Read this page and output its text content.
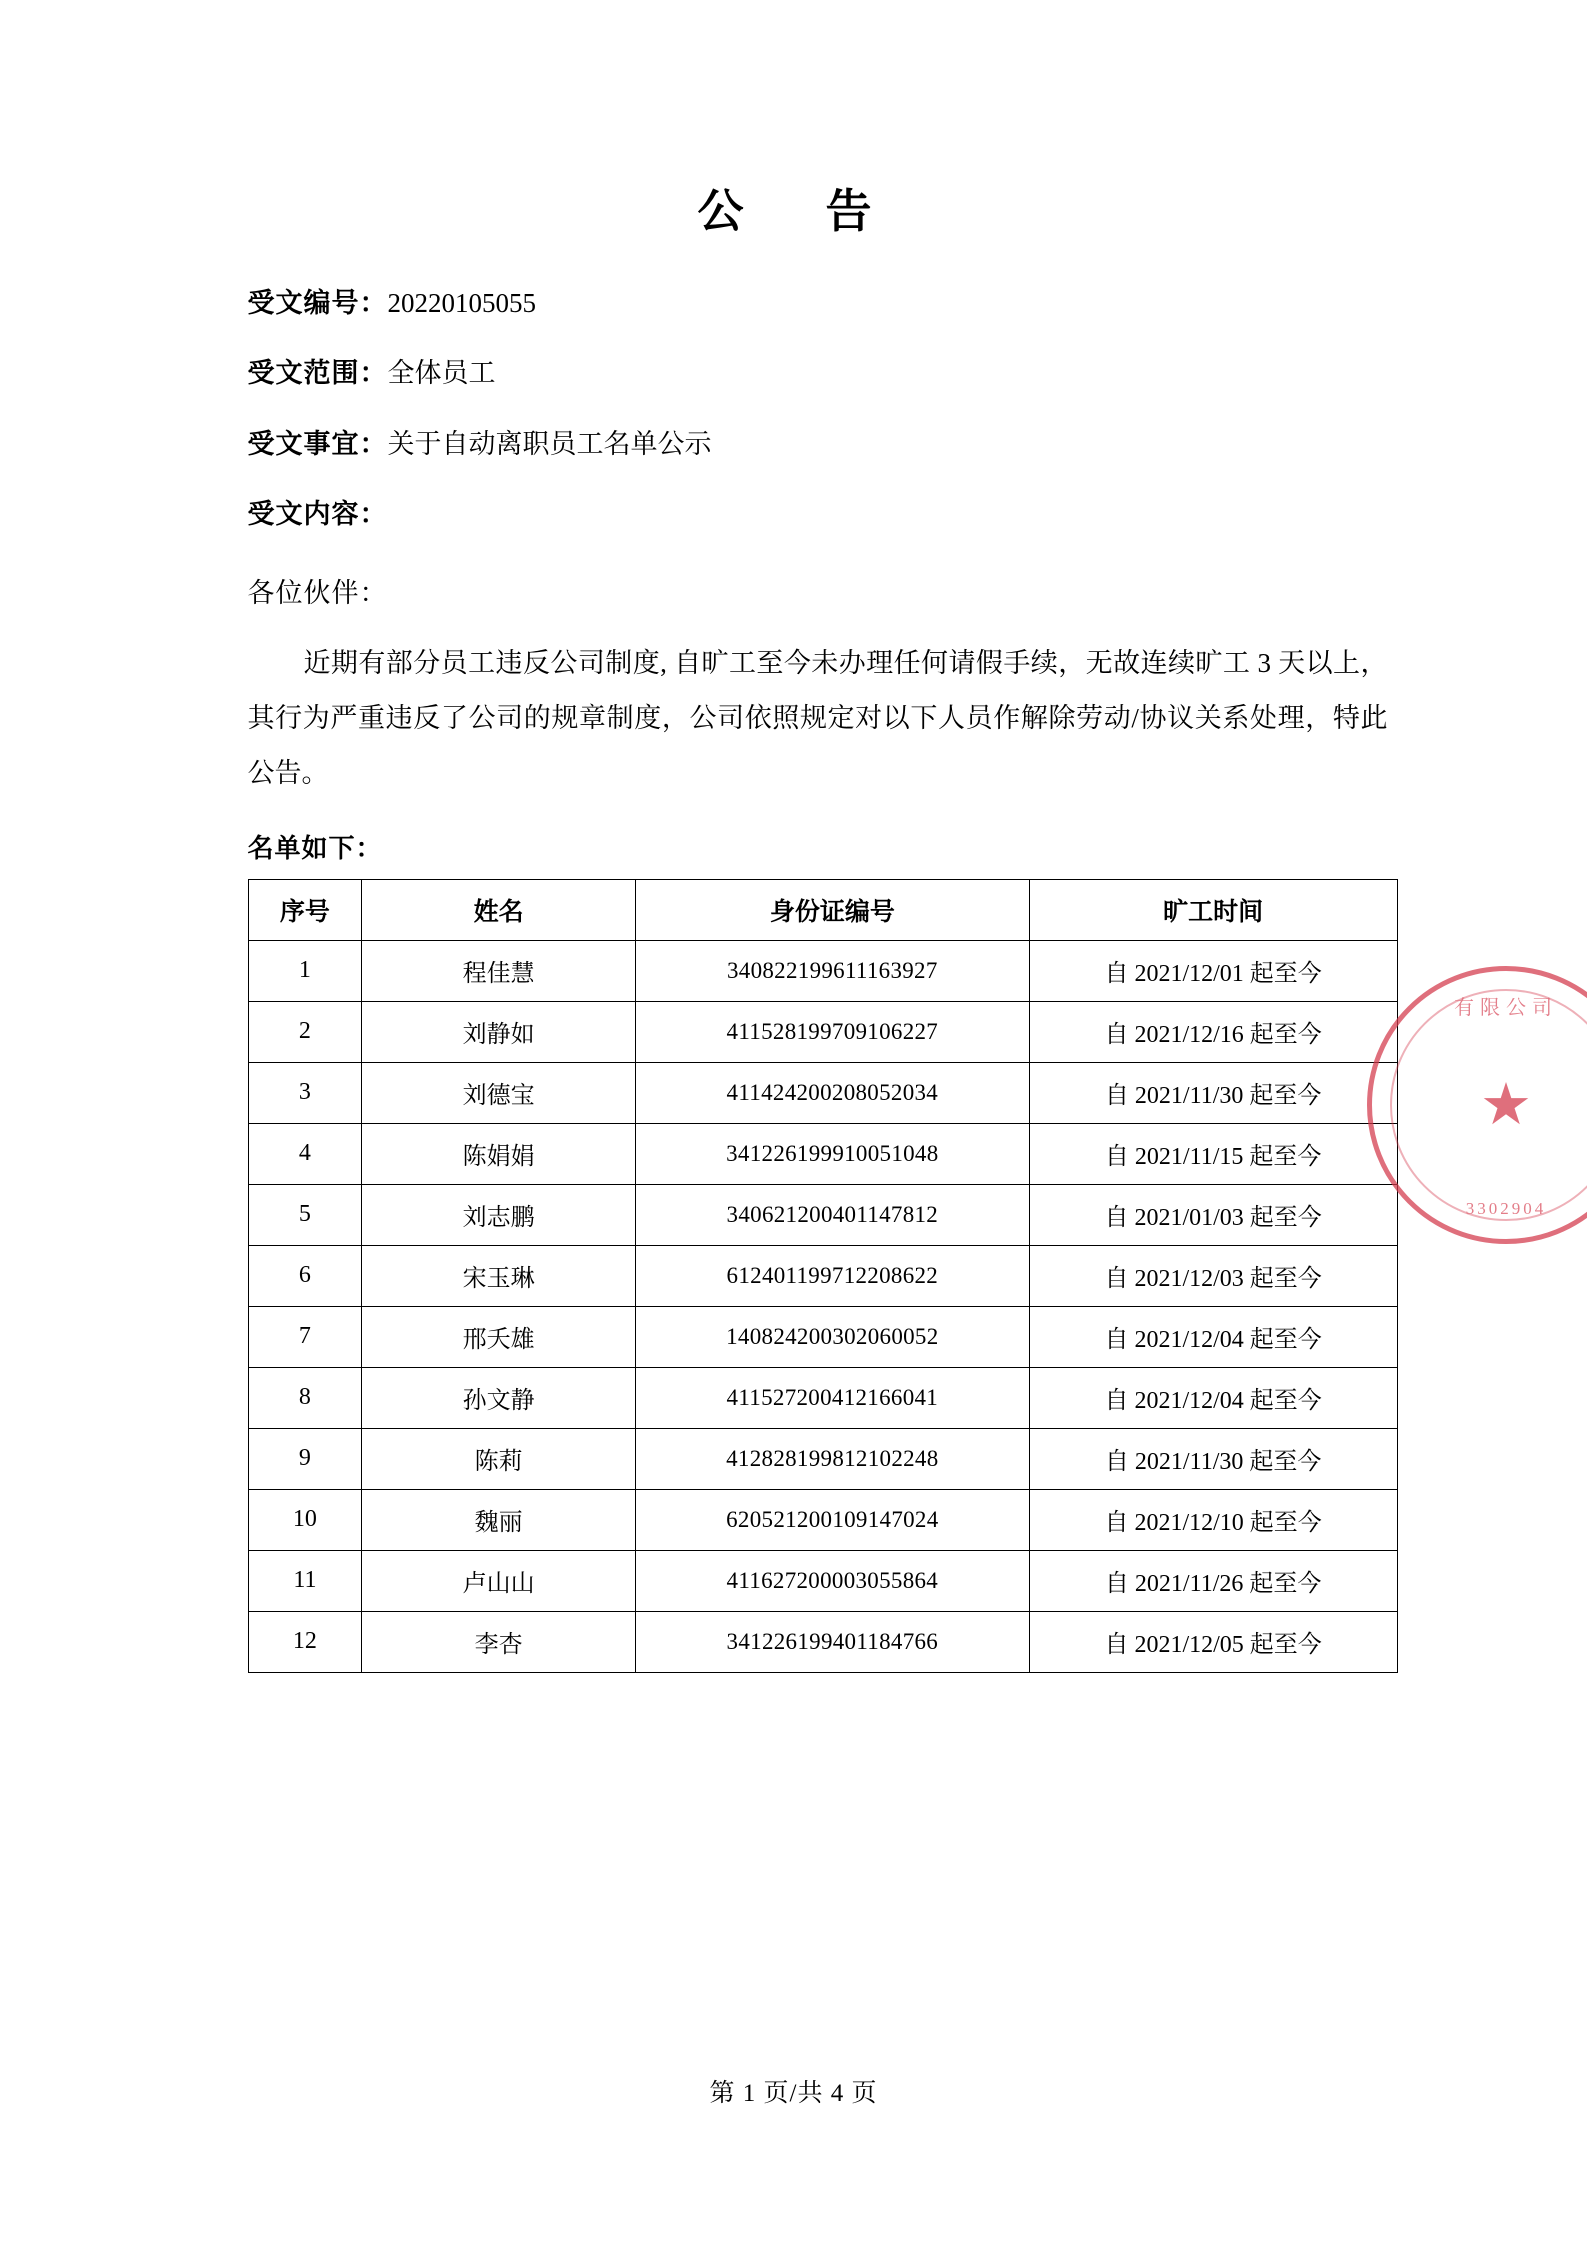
公　告
受文编号：20220105055
受文范围：全体员工
受文事宜：关于自动离职员工名单公示
受文内容：
各位伙伴：
近期有部分员工违反公司制度, 自旷工至今未办理任何请假手续，无故连续旷工 3 天以上，其行为严重违反了公司的规章制度，公司依照规定对以下人员作解除劳动/协议关系处理，特此公告。
名单如下：
序号	姓名	身份证编号	旷工时间
1	程佳慧	340822199611163927	自 2021/12/01 起至今
2	刘静如	411528199709106227	自 2021/12/16 起至今
3	刘德宝	411424200208052034	自 2021/11/30 起至今
4	陈娟娟	341226199910051048	自 2021/11/15 起至今
5	刘志鹏	340621200401147812	自 2021/01/03 起至今
6	宋玉琳	612401199712208622	自 2021/12/03 起至今
7	邢夭雄	140824200302060052	自 2021/12/04 起至今
8	孙文静	411527200412166041	自 2021/12/04 起至今
9	陈莉	412828199812102248	自 2021/11/30 起至今
10	魏丽	620521200109147024	自 2021/12/10 起至今
11	卢山山	411627200003055864	自 2021/11/26 起至今
12	李杏	341226199401184766	自 2021/12/05 起至今
有限公司
★
3302904
第 1 页/共 4 页
